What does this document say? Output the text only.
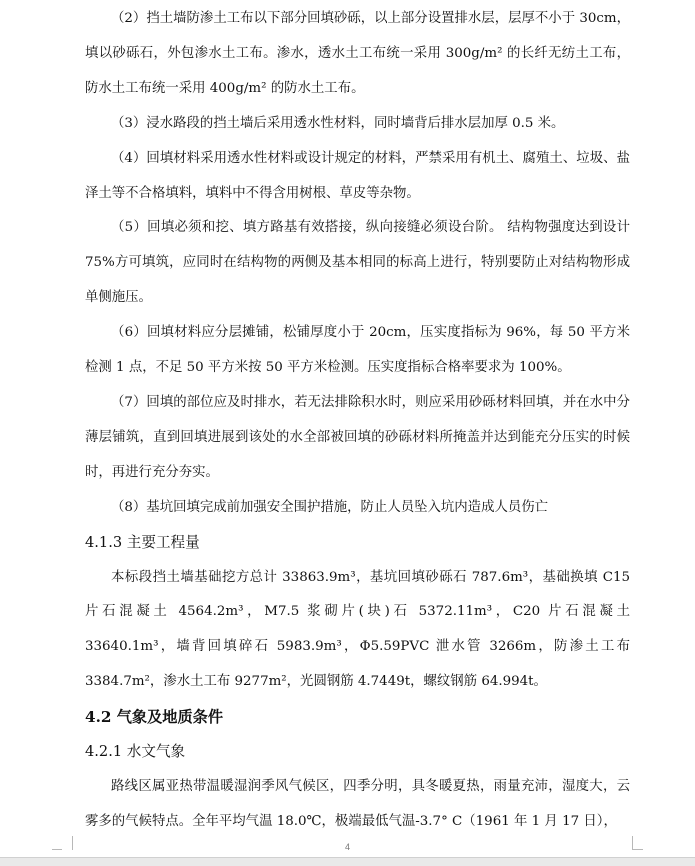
（2）挡土墙防渗土工布以下部分回填砂砾，以上部分设置排水层，层厚不小于 30cm，填以砂砾石，外包渗水土工布。渗水，透水土工布统一采用 300g/m² 的长纤无纺土工布，防水土工布统一采用 400g/m² 的防水土工布。

（3）浸水路段的挡土墙后采用透水性材料，同时墙背后排水层加厚 0.5 米。

（4）回填材料采用透水性材料或设计规定的材料，严禁采用有机土、腐殖土、垃圾、盐泽土等不合格填料，填料中不得含用树根、草皮等杂物。

（5）回填必须和挖、填方路基有效搭接，纵向接缝必须设台阶。 结构物强度达到设计 75%方可填筑，应同时在结构物的两侧及基本相同的标高上进行，特别要防止对结构物形成单侧施压。

（6）回填材料应分层摊铺，松铺厚度小于 20cm，压实度指标为 96%，每 50 平方米检测 1 点，不足 50 平方米按 50 平方米检测。压实度指标合格率要求为 100%。

（7）回填的部位应及时排水，若无法排除积水时，则应采用砂砾材料回填，并在水中分薄层铺筑，直到回填进展到该处的水全部被回填的砂砾材料所掩盖并达到能充分压实的时候时，再进行充分夯实。

（8）基坑回填完成前加强安全围护措施，防止人员坠入坑内造成人员伤亡

4.1.3 主要工程量

本标段挡土墙基础挖方总计 33863.9m³，基坑回填砂砾石 787.6m³，基础换填 C15 片石混凝土 4564.2m³，M7.5 浆砌片(块)石 5372.11m³，C20 片石混凝土 33640.1m³，墙背回填碎石 5983.9m³，Φ5.59PVC 泄水管 3266m，防渗土工布 3384.7m²，渗水土工布 9277m²，光圆钢筋 4.7449t，螺纹钢筋 64.994t。

4.2 气象及地质条件

4.2.1 水文气象

路线区属亚热带温暖湿润季风气候区，四季分明，具冬暖夏热，雨量充沛，湿度大，云雾多的气候特点。全年平均气温 18.0℃，极端最低气温-3.7° C（1961 年 1 月 17 日），

4
